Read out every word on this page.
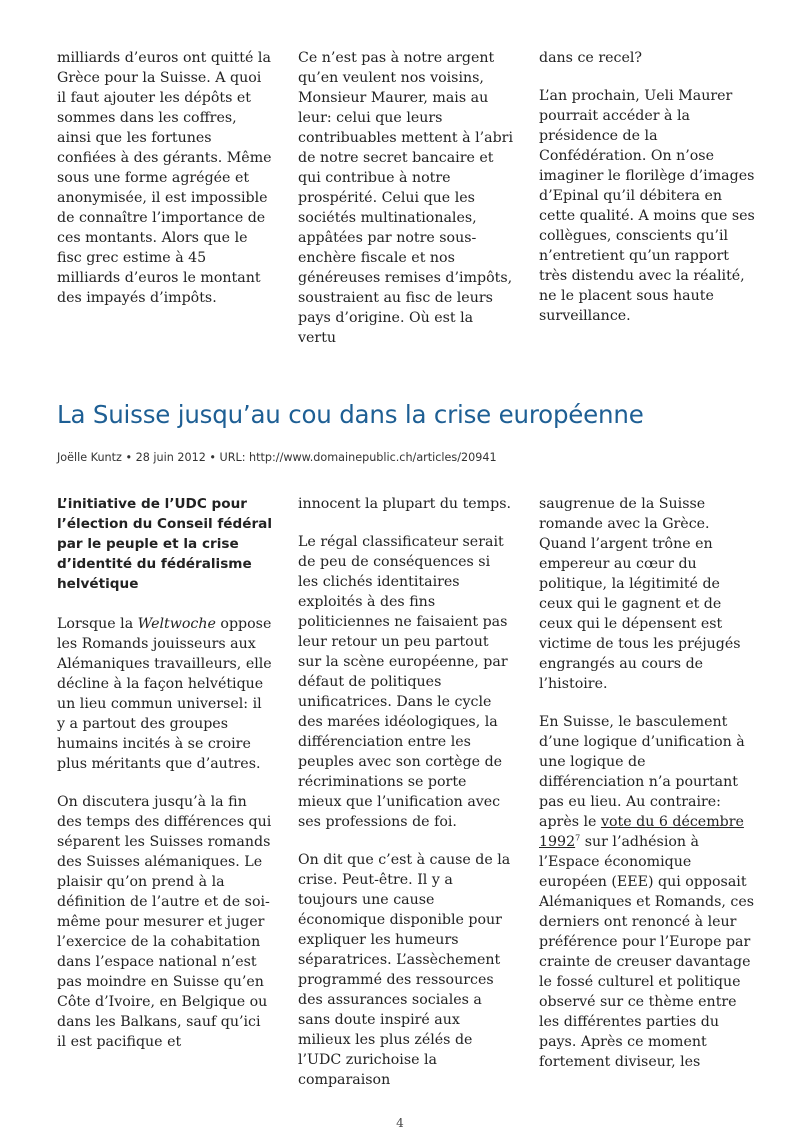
milliards d’euros ont quitté la Grèce pour la Suisse. A quoi il faut ajouter les dépôts et sommes dans les coffres, ainsi que les fortunes confiées à des gérants. Même sous une forme agrégée et anonymisée, il est impossible de connaître l’importance de ces montants. Alors que le fisc grec estime à 45 milliards d’euros le montant des impayés d’impôts.

Ce n’est pas à notre argent qu’en veulent nos voisins, Monsieur Maurer, mais au leur: celui que leurs contribuables mettent à l’abri de notre secret bancaire et qui contribue à notre prospérité. Celui que les sociétés multinationales, appâtées par notre sous-enchère fiscale et nos généreuses remises d’impôts, soustraient au fisc de leurs pays d’origine. Où est la vertu

dans ce recel?

L’an prochain, Ueli Maurer pourrait accéder à la présidence de la Confédération. On n’ose imaginer le florilège d’images d’Epinal qu’il débitera en cette qualité. A moins que ses collègues, conscients qu’il n’entretient qu’un rapport très distendu avec la réalité, ne le placent sous haute surveillance.

La Suisse jusqu’au cou dans la crise européenne
Joëlle Kuntz • 28 juin 2012 • URL: http://www.domainepublic.ch/articles/20941
L’initiative de l’UDC pour l’élection du Conseil fédéral par le peuple et la crise d’identité du fédéralisme helvétique

Lorsque la Weltwoche oppose les Romands jouisseurs aux Alémaniques travailleurs, elle décline à la façon helvétique un lieu commun universel: il y a partout des groupes humains incités à se croire plus méritants que d’autres.

On discutera jusqu’à la fin des temps des différences qui séparent les Suisses romands des Suisses alémaniques. Le plaisir qu’on prend à la définition de l’autre et de soi-même pour mesurer et juger l’exercice de la cohabitation dans l’espace national n’est pas moindre en Suisse qu’en Côte d’Ivoire, en Belgique ou dans les Balkans, sauf qu’ici il est pacifique et

innocent la plupart du temps.

Le régal classificateur serait de peu de conséquences si les clichés identitaires exploités à des fins politiciennes ne faisaient pas leur retour un peu partout sur la scène européenne, par défaut de politiques unificatrices. Dans le cycle des marées idéologiques, la différenciation entre les peuples avec son cortège de récriminations se porte mieux que l’unification avec ses professions de foi.

On dit que c’est à cause de la crise. Peut-être. Il y a toujours une cause économique disponible pour expliquer les humeurs séparatrices. L’assèchement programmé des ressources des assurances sociales a sans doute inspiré aux milieux les plus zélés de l’UDC zurichoise la comparaison

saugrenue de la Suisse romande avec la Grèce. Quand l’argent trône en empereur au cœur du politique, la légitimité de ceux qui le gagnent et de ceux qui le dépensent est victime de tous les préjugés engrangés au cours de l’histoire.

En Suisse, le basculement d’une logique d’unification à une logique de différenciation n’a pourtant pas eu lieu. Au contraire: après le vote du 6 décembre 1992$^7$ sur l’adhésion à l’Espace économique européen (EEE) qui opposait Alémaniques et Romands, ces derniers ont renoncé à leur préférence pour l’Europe par crainte de creuser davantage le fossé culturel et politique observé sur ce thème entre les différentes parties du pays. Après ce moment fortement diviseur, les

4
